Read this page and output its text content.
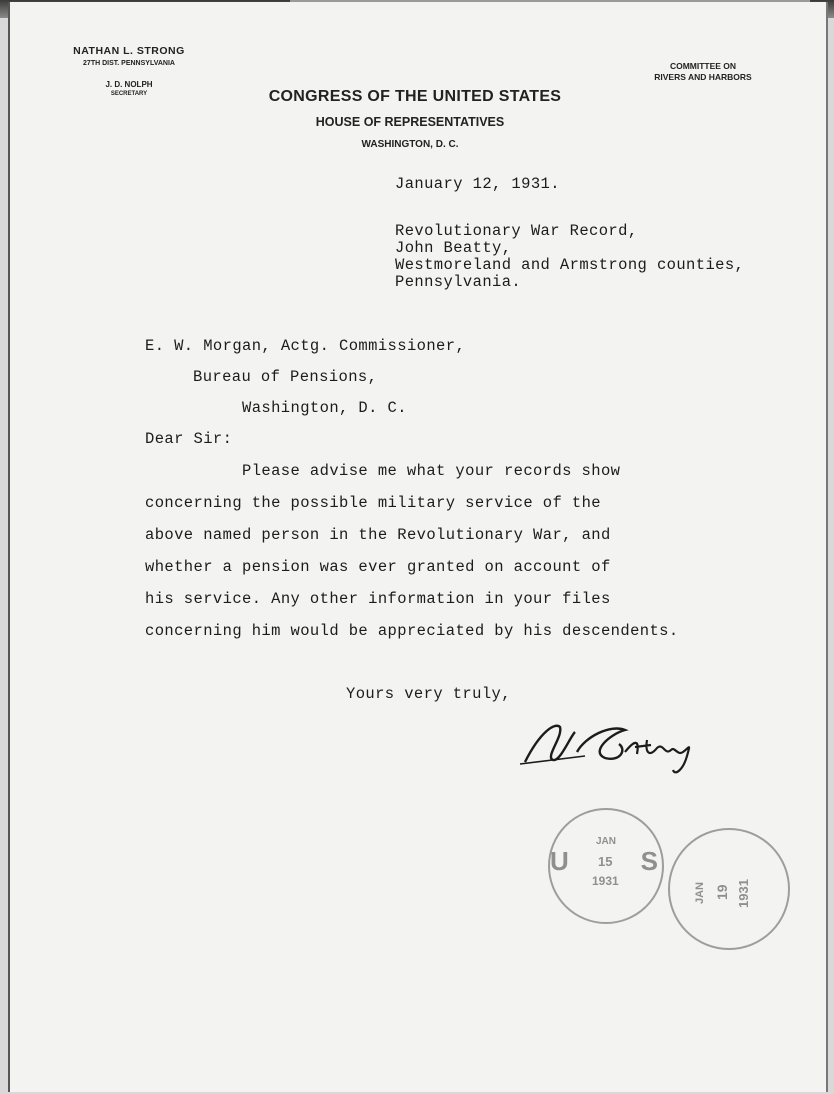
NATHAN L. STRONG
27TH DIST. PENNSYLVANIA
J. D. NOLPH
SECRETARY
COMMITTEE ON
RIVERS AND HARBORS
CONGRESS OF THE UNITED STATES
HOUSE OF REPRESENTATIVES
WASHINGTON, D. C.
January 12, 1931.
Revolutionary War Record,
John Beatty,
Westmoreland and Armstrong counties,
Pennsylvania.
E. W. Morgan, Actg. Commissioner,
Bureau of Pensions,
Washington, D. C.
Dear Sir:
Please advise me what your records show
concerning the possible military service of the
above named person in the Revolutionary War, and
whether a pension was ever granted on account of
his service. Any other information in your files
concerning him would be appreciated by his descendents.
Yours very truly,
U	S
JAN
15
1931
JAN 19 1931
